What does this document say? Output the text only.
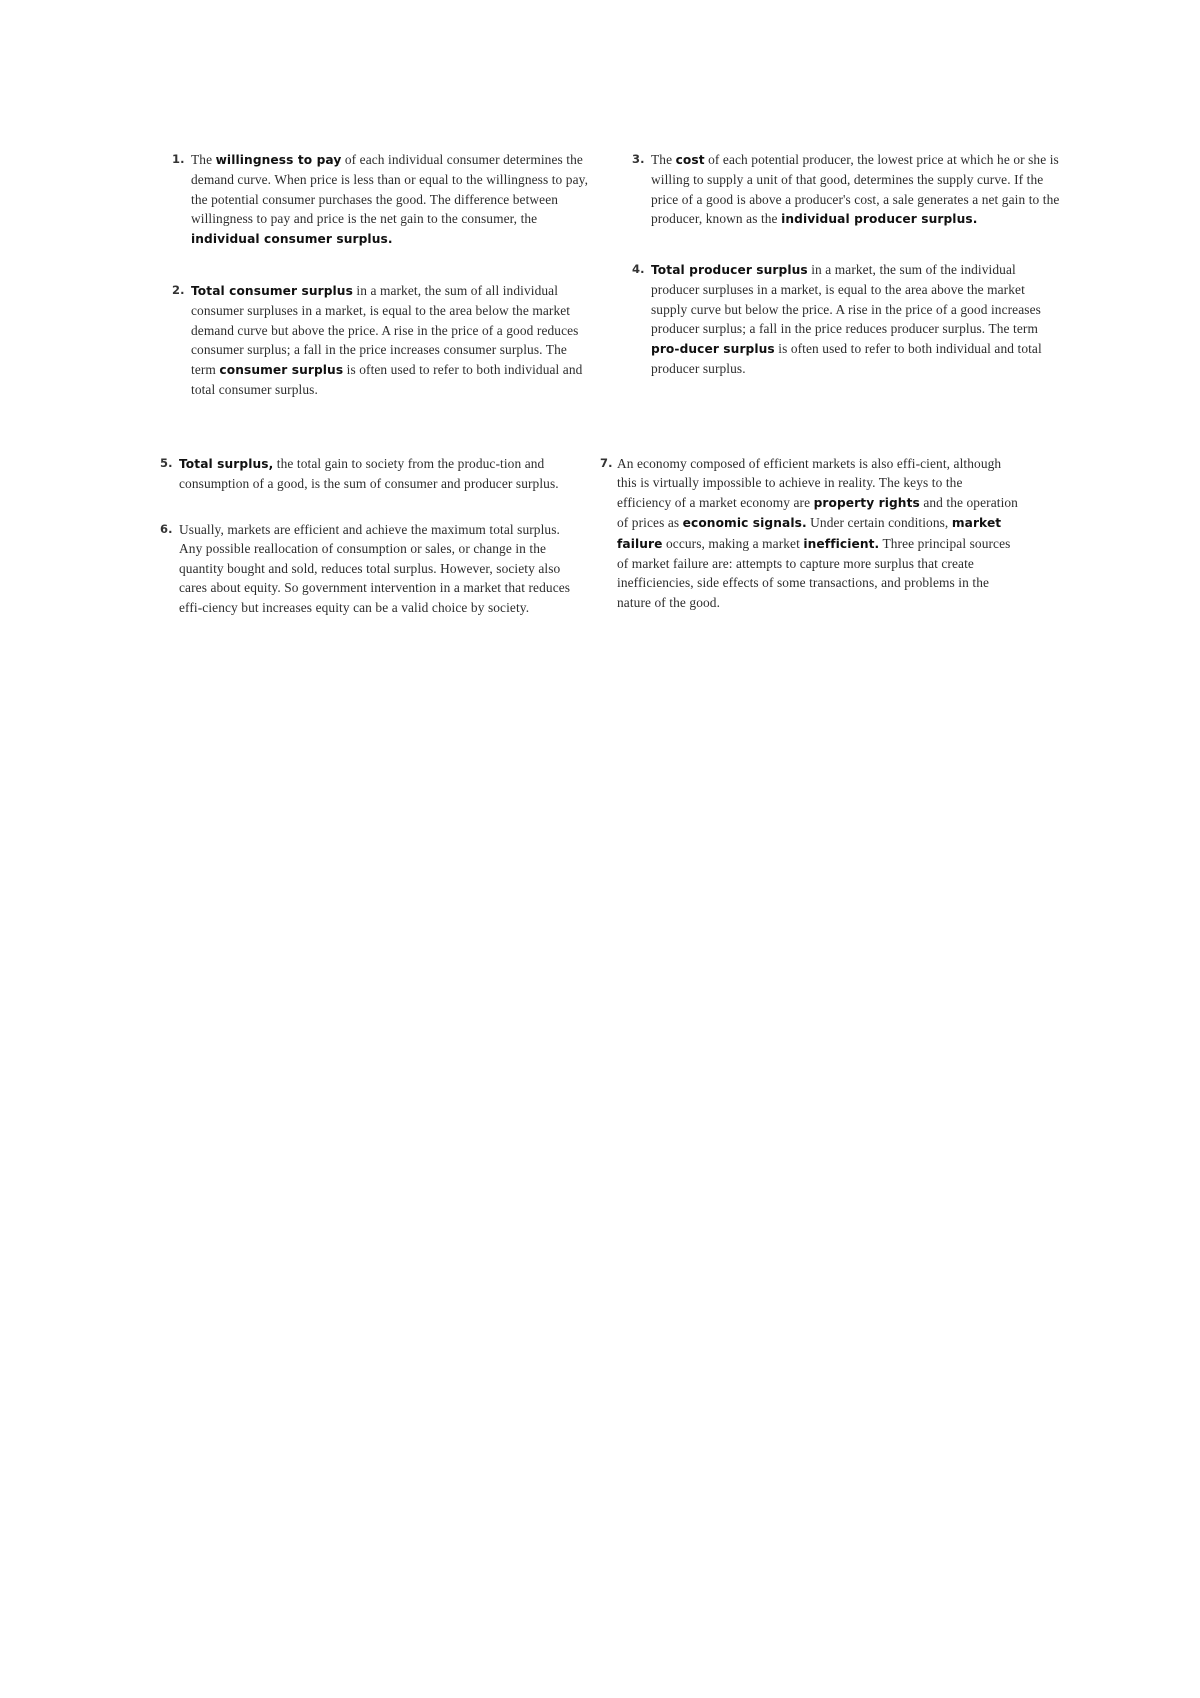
1. The willingness to pay of each individual consumer determines the demand curve. When price is less than or equal to the willingness to pay, the potential consumer purchases the good. The difference between willingness to pay and price is the net gain to the consumer, the individual consumer surplus.
2. Total consumer surplus in a market, the sum of all individual consumer surpluses in a market, is equal to the area below the market demand curve but above the price. A rise in the price of a good reduces consumer surplus; a fall in the price increases consumer surplus. The term consumer surplus is often used to refer to both individual and total consumer surplus.
3. The cost of each potential producer, the lowest price at which he or she is willing to supply a unit of that good, determines the supply curve. If the price of a good is above a producer's cost, a sale generates a net gain to the producer, known as the individual producer surplus.
4. Total producer surplus in a market, the sum of the individual producer surpluses in a market, is equal to the area above the market supply curve but below the price. A rise in the price of a good increases producer surplus; a fall in the price reduces producer surplus. The term pro-ducer surplus is often used to refer to both individual and total producer surplus.
5. Total surplus, the total gain to society from the produc-tion and consumption of a good, is the sum of consumer and producer surplus.
6. Usually, markets are efficient and achieve the maximum total surplus. Any possible reallocation of consumption or sales, or change in the quantity bought and sold, reduces total surplus. However, society also cares about equity. So government intervention in a market that reduces effi-ciency but increases equity can be a valid choice by society.
7. An economy composed of efficient markets is also effi-cient, although this is virtually impossible to achieve in reality. The keys to the efficiency of a market economy are property rights and the operation of prices as economic signals. Under certain conditions, market failure occurs, making a market inefficient. Three principal sources of market failure are: attempts to capture more surplus that create inefficiencies, side effects of some transactions, and problems in the nature of the good.
